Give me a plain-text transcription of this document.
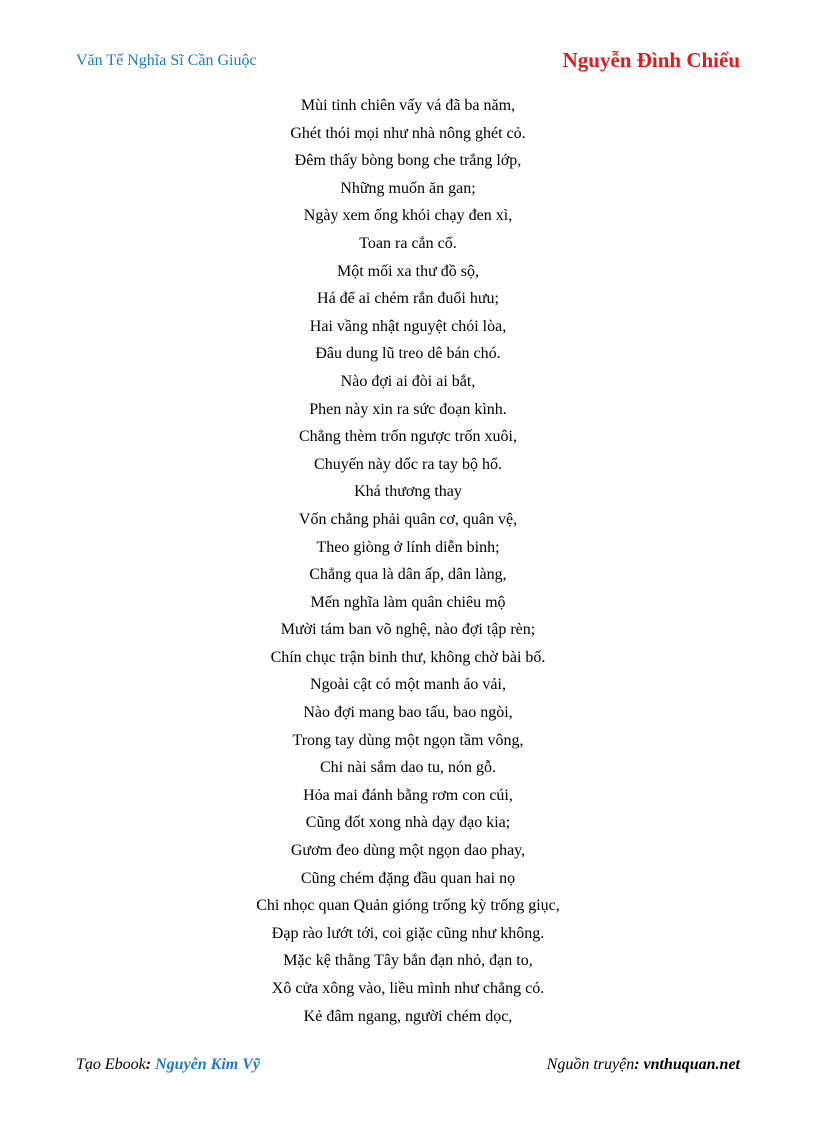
Văn Tế Nghĩa Sĩ Cần Giuộc	Nguyễn Đình Chiểu
Mùi tinh chiên vấy vá đã ba năm,
Ghét thói mọi như nhà nông ghét cỏ.
Đêm thấy bòng bong che trắng lớp,
Những muốn ăn gan;
Ngày xem ống khói chạy đen xì,
Toan ra cắn cổ.
Một mối xa thư đồ sộ,
Há để ai chém rắn đuổi hưu;
Hai vầng nhật nguyệt chói lòa,
Đâu dung lũ treo dê bán chó.
Nào đợi ai đòi ai bắt,
Phen này xin ra sức đoạn kình.
Chẳng thèm trốn ngược trốn xuôi,
Chuyến này dốc ra tay bộ hổ.
Khá thương thay
Vốn chẳng phải quân cơ, quân vệ,
Theo giòng ở lính diễn binh;
Chẳng qua là dân ấp, dân làng,
Mến nghĩa làm quân chiêu mộ
Mười tám ban võ nghệ, nào đợi tập rèn;
Chín chục trận binh thư, không chờ bài bố.
Ngoài cật có một manh áo vải,
Nào đợi mang bao tấu, bao ngòi,
Trong tay dùng một ngọn tầm vông,
Chi nài sắm dao tu, nón gỗ.
Hỏa mai đánh bằng rơm con cúi,
Cũng đốt xong nhà dạy đạo kia;
Gươm đeo dùng một ngọn dao phay,
Cũng chém đặng đầu quan hai nọ
Chi nhọc quan Quản gióng trống kỳ trống giục,
Đạp rào lướt tới, coi giặc cũng như không.
Mặc kệ thằng Tây bắn đạn nhỏ, đạn to,
Xô cửa xông vào, liều mình như chẳng có.
Kẻ đâm ngang, người chém dọc,
Tạo Ebook: Nguyễn Kim Vỹ	Nguồn truyện: vnthuquan.net
